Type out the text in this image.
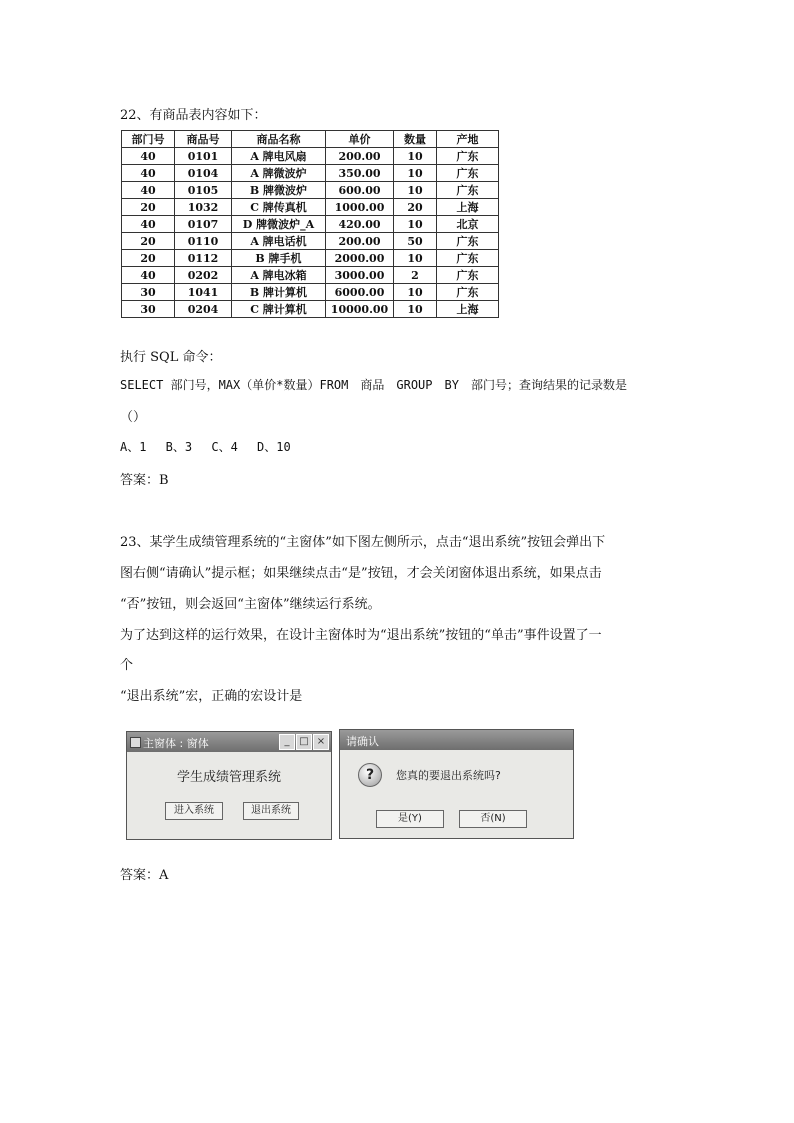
22、有商品表内容如下：
部门号	商品号	商品名称	单价	数量	产地
40	0101	A 牌电风扇	200.00	10	广东
40	0104	A 牌微波炉	350.00	10	广东
40	0105	B 牌微波炉	600.00	10	广东
20	1032	C 牌传真机	1000.00	20	上海
40	0107	D 牌微波炉_A	420.00	10	北京
20	0110	A 牌电话机	200.00	50	广东
20	0112	B 牌手机	2000.00	10	广东
40	0202	A 牌电冰箱	3000.00	2	广东
30	1041	B 牌计算机	6000.00	10	广东
30	0204	C 牌计算机	10000.00	10	上海
执行 SQL 命令：
SELECT 部门号，MAX（单价*数量）FROM　商品　GROUP　BY　部门号；查询结果的记录数是
（）
A、1　 B、3　 C、4　 D、10
答案：B
23、某学生成绩管理系统的“主窗体”如下图左侧所示，点击“退出系统”按钮会弹出下
图右侧“请确认”提示框；如果继续点击“是”按钮，才会关闭窗体退出系统，如果点击
“否”按钮，则会返回“主窗体”继续运行系统。
为了达到这样的运行效果，在设计主窗体时为“退出系统”按钮的“单击”事件设置了一
个
“退出系统”宏，正确的宏设计是
主窗体 : 窗体	_ □ ×
学生成绩管理系统
进入系统	退出系统
请确认
?	您真的要退出系统吗?
是(Y)	否(N)
答案：A
